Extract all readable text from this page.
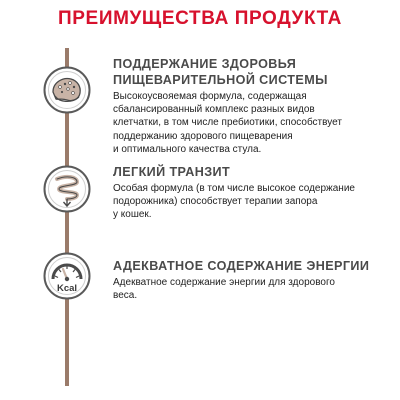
ПРЕИМУЩЕСТВА ПРОДУКТА
Kcal
ПОДДЕРЖАНИЕ ЗДОРОВЬЯ
ПИЩЕВАРИТЕЛЬНОЙ СИСТЕМЫ
Высокоусвояемая формула, содержащая
сбалансированный комплекс разных видов
клетчатки, в том числе пребиотики, способствует
поддержанию здорового пищеварения
и оптимального качества стула.
ЛЕГКИЙ ТРАНЗИТ
Особая формула (в том числе высокое содержание
подорожника) способствует терапии запора
у кошек.
АДЕКВАТНОЕ СОДЕРЖАНИЕ ЭНЕРГИИ
Адекватное содержание энергии для здорового
веса.
